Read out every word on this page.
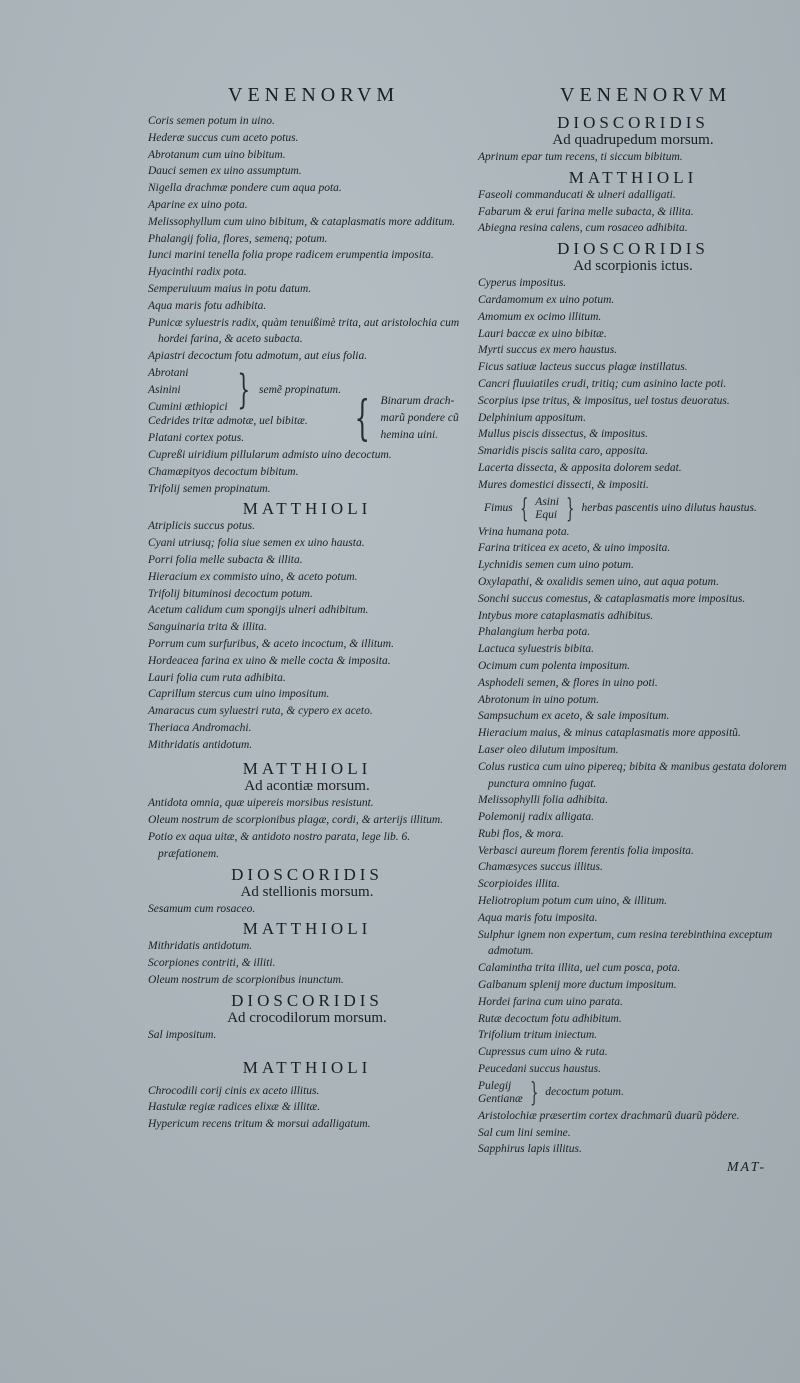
VENENORVM
Coris semen potum in uino.
Hederæ succus cum aceto potus.
Abrotanum cum uino bibitum.
Dauci semen ex uino assumptum.
Nigella drachmæ pondere cum aqua pota.
Aparine ex uino pota.
Melissophyllum cum uino bibitum, & cataplasmatis more additum.
Phalangij folia, flores, semenq; potum.
Iunci marini tenella folia prope radicem erumpentia imposita.
Hyacinthi radix pota.
Semperuiuum maius in potu datum.
Aqua maris fotu adhibita.
Punicæ syluestris radix, quàm tenuißimè trita, aut aristolochia cum hordei farina, & aceto subacta.
Apiastri decoctum fotu admotum, aut eius folia.
Abrotani
Asinini
Cumini æthiopici } semẽ propinatum.
Cedrides tritæ admotæ, uel bibitæ.
Platani cortex potus.	{ Binarum drach-
marũ pondere cũ
hemina uini.
Cupreßi uiridium pillularum admisto uino decoctum.
Chamæpityos decoctum bibitum.
Trifolij semen propinatum.
MATTHIOLI
Atriplicis succus potus.
Cyani utriusq; folia siue semen ex uino hausta.
Porri folia melle subacta & illita.
Hieracium ex commisto uino, & aceto potum.
Trifolij bituminosi decoctum potum.
Acetum calidum cum spongijs ulneri adhibitum.
Sanguinaria trita & illita.
Porrum cum surfuribus, & aceto incoctum, & illitum.
Hordeacea farina ex uino & melle cocta & imposita.
Lauri folia cum ruta adhibita.
Caprillum stercus cum uino impositum.
Amaracus cum syluestri ruta, & cypero ex aceto.
Theriaca Andromachi.
Mithridatis antidotum.
MATTHIOLI
Ad acontiæ morsum.
Antidota omnia, quæ uipereis morsibus resistunt.
Oleum nostrum de scorpionibus plagæ, cordi, & arterijs illitum.
Potio ex aqua uitæ, & antidoto nostro parata, lege lib. 6. præfationem.
DIOSCORIDIS
Ad stellionis morsum.
Sesamum cum rosaceo.
MATTHIOLI
Mithridatis antidotum.
Scorpiones contriti, & illiti.
Oleum nostrum de scorpionibus inunctum.
DIOSCORIDIS
Ad crocodilorum morsum.
Sal impositum.
MATTHIOLI
Chrocodili corij cinis ex aceto illitus.
Hastulæ regiæ radices elixæ & illitæ.
Hypericum recens tritum & morsui adalligatum.
VENENORVM
DIOSCORIDIS
Ad quadrupedum morsum.
Aprinum epar tum recens, ti siccum bibitum.
MATTHIOLI
Faseoli commanducati & ulneri adalligati.
Fabarum & erui farina melle subacta, & illita.
Abiegna resina calens, cum rosaceo adhibita.
DIOSCORIDIS
Ad scorpionis ictus.
Cyperus impositus.
Cardamomum ex uino potum.
Amomum ex ocimo illitum.
Lauri baccæ ex uino bibitæ.
Myrti succus ex mero haustus.
Ficus satiuæ lacteus succus plagæ instillatus.
Cancri fluuiatiles crudi, tritiq; cum asinino lacte poti.
Scorpius ipse tritus, & impositus, uel tostus deuoratus.
Delphinium appositum.
Mullus piscis dissectus, & impositus.
Smaridis piscis salita caro, apposita.
Lacerta dissecta, & apposita dolorem sedat.
Mures domestici dissecti, & impositi.
Fimus { Asini
Equi } herbas pascentis uino dilutus haustus.
Vrina humana pota.
Farina triticea ex aceto, & uino imposita.
Lychnidis semen cum uino potum.
Oxylapathi, & oxalidis semen uino, aut aqua potum.
Sonchi succus comestus, & cataplasmatis more impositus.
Intybus more cataplasmatis adhibitus.
Phalangium herba pota.
Lactuca syluestris bibita.
Ocimum cum polenta impositum.
Asphodeli semen, & flores in uino poti.
Abrotonum in uino potum.
Sampsuchum ex aceto, & sale impositum.
Hieracium maius, & minus cataplasmatis more appositũ.
Laser oleo dilutum impositum.
Colus rustica cum uino pipereq; bibita & manibus gestata dolorem punctura omnino fugat.
Melissophylli folia adhibita.
Polemonij radix alligata.
Rubi flos, & mora.
Verbasci aureum florem ferentis folia imposita.
Chamæsyces succus illitus.
Scorpioides illita.
Heliotropium potum cum uino, & illitum.
Aqua maris fotu imposita.
Sulphur ignem non expertum, cum resina terebinthina exceptum admotum.
Calamintha trita illita, uel cum posca, pota.
Galbanum splenij more ductum impositum.
Hordei farina cum uino parata.
Rutæ decoctum fotu adhibitum.
Trifolium tritum iniectum.
Cupressus cum uino & ruta.
Peucedani succus haustus.
Pulegij
Gentianæ } decoctum potum.
Aristolochiæ præsertim cortex drachmarũ duarũ pödere.
Sal cum lini semine.
Sapphirus lapis illitus.
MAT-
